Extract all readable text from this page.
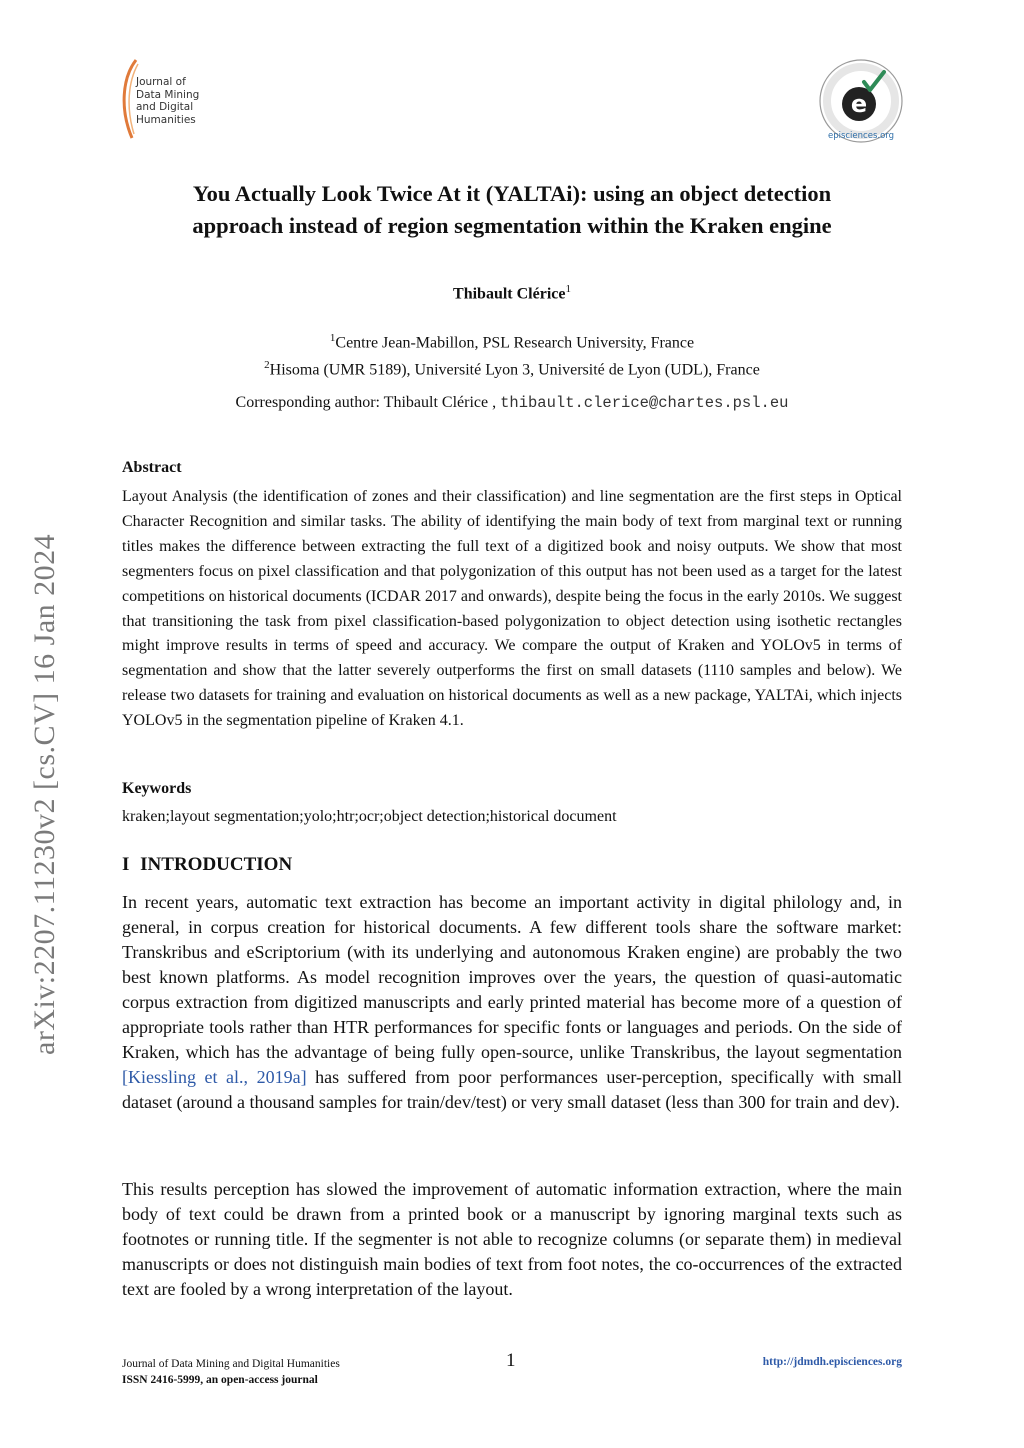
Journal of
Data Mining
and Digital
Humanities
e
episciences.org
arXiv:2207.11230v2 [cs.CV] 16 Jan 2024
You Actually Look Twice At it (YALTAi): using an object detection
approach instead of region segmentation within the Kraken engine
Thibault Clérice$^1$
$^1$Centre Jean-Mabillon, PSL Research University, France
$^2$Hisoma (UMR 5189), Université Lyon 3, Université de Lyon (UDL), France
Corresponding author: Thibault Clérice , thibault.clerice@chartes.psl.eu
Abstract
Layout Analysis (the identification of zones and their classification) and line segmentation are the first steps in Optical Character Recognition and similar tasks. The ability of identifying the main body of text from marginal text or running titles makes the difference between extracting the full text of a digitized book and noisy outputs. We show that most segmenters focus on pixel classification and that polygonization of this output has not been used as a target for the latest competitions on historical documents (ICDAR 2017 and onwards), despite being the focus in the early 2010s. We suggest that transitioning the task from pixel classification-based polygonization to object detection using isothetic rectangles might improve results in terms of speed and accuracy. We compare the output of Kraken and YOLOv5 in terms of segmentation and show that the latter severely outperforms the first on small datasets (1110 samples and below). We release two datasets for training and evaluation on historical documents as well as a new package, YALTAi, which injects YOLOv5 in the segmentation pipeline of Kraken 4.1.
Keywords
kraken;layout segmentation;yolo;htr;ocr;object detection;historical document
I INTRODUCTION
In recent years, automatic text extraction has become an important activity in digital philology and, in general, in corpus creation for historical documents. A few different tools share the software market: Transkribus and eScriptorium (with its underlying and autonomous Kraken engine) are probably the two best known platforms. As model recognition improves over the years, the question of quasi-automatic corpus extraction from digitized manuscripts and early printed material has become more of a question of appropriate tools rather than HTR performances for specific fonts or languages and periods. On the side of Kraken, which has the advantage of being fully open-source, unlike Transkribus, the layout segmentation [Kiessling et al., 2019a] has suffered from poor performances user-perception, specifically with small dataset (around a thousand samples for train/dev/test) or very small dataset (less than 300 for train and dev).
This results perception has slowed the improvement of automatic information extraction, where the main body of text could be drawn from a printed book or a manuscript by ignoring marginal texts such as footnotes or running title. If the segmenter is not able to recognize columns (or separate them) in medieval manuscripts or does not distinguish main bodies of text from foot notes, the co-occurrences of the extracted text are fooled by a wrong interpretation of the layout.
Journal of Data Mining and Digital Humanities
ISSN 2416-5999, an open-access journal
1	http://jdmdh.episciences.org
